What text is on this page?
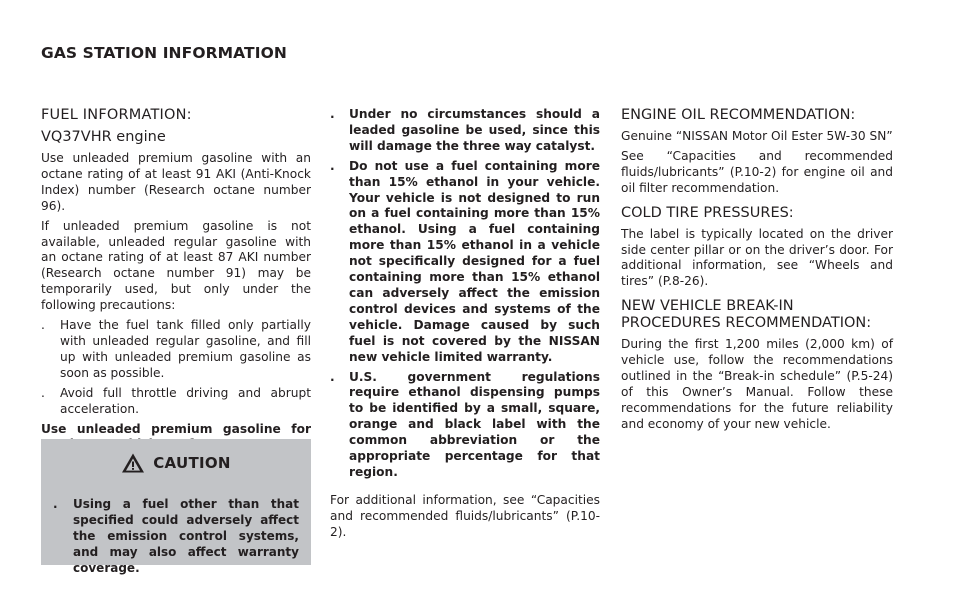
GAS STATION INFORMATION
FUEL INFORMATION:
VQ37VHR engine

Use unleaded premium gasoline with an octane rating of at least 91 AKI (Anti-Knock Index) number (Research octane number 96).

If unleaded premium gasoline is not available, unleaded regular gasoline with an octane rating of at least 87 AKI number (Research octane number 91) may be temporarily used, but only under the following precautions:

. Have the fuel tank filled only partially with unleaded regular gasoline, and fill up with unleaded premium gasoline as soon as possible.
. Avoid full throttle driving and abrupt acceleration.

Use unleaded premium gasoline for

CAUTION
. Using a fuel other than that specified could adversely affect the emission control systems, and may also affect warranty coverage.
. Under no circumstances should a leaded gasoline be used, since this will damage the three way catalyst.
. Do not use a fuel containing more than 15% ethanol in your vehicle. Your vehicle is not designed to run on a fuel containing more than 15% ethanol. Using a fuel containing more than 15% ethanol in a vehicle not specifically designed for a fuel containing more than 15% ethanol can adversely affect the emission control devices and systems of the vehicle. Damage caused by such fuel is not covered by the NISSAN new vehicle limited warranty.
. U.S. government regulations require ethanol dispensing pumps to be identified by a small, square, orange and black label with the common abbreviation or the appropriate percentage for that region.

For additional information, see “Capacities and recommended fluids/lubricants” (P.10-2).

ENGINE OIL RECOMMENDATION:

Genuine “NISSAN Motor Oil Ester 5W-30 SN”

See “Capacities and recommended fluids/lubricants” (P.10-2) for engine oil and oil filter recommendation.

COLD TIRE PRESSURES:

The label is typically located on the driver side center pillar or on the driver’s door. For additional information, see “Wheels and tires” (P.8-26).

NEW VEHICLE BREAK-IN PROCEDURES RECOMMENDATION:

During the first 1,200 miles (2,000 km) of vehicle use, follow the recommendations outlined in the “Break-in schedule” (P.5-24) of this Owner’s Manual. Follow these recommendations for the future reliability and economy of your new vehicle.
